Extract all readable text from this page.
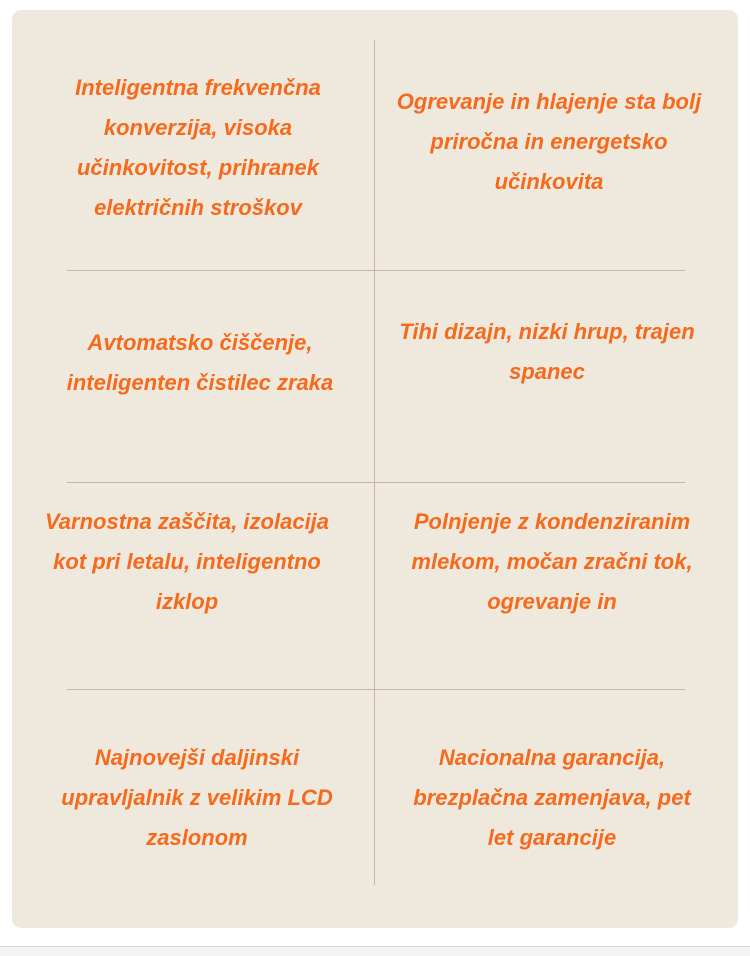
Inteligentna frekvenčna konverzija, visoka učinkovitost, prihranek električnih stroškov

Ogrevanje in hlajenje sta bolj priročna in energetsko učinkovita

Avtomatsko čiščenje, inteligenten čistilec zraka

Tihi dizajn, nizki hrup, trajen spanec

Varnostna zaščita, izolacija kot pri letalu, inteligentno izklop

Polnjenje z kondenziranim mlekom, močan zračni tok, ogrevanje in

Najnovejši daljinski upravljalnik z velikim LCD zaslonom

Nacionalna garancija, brezplačna zamenjava, pet let garancije
